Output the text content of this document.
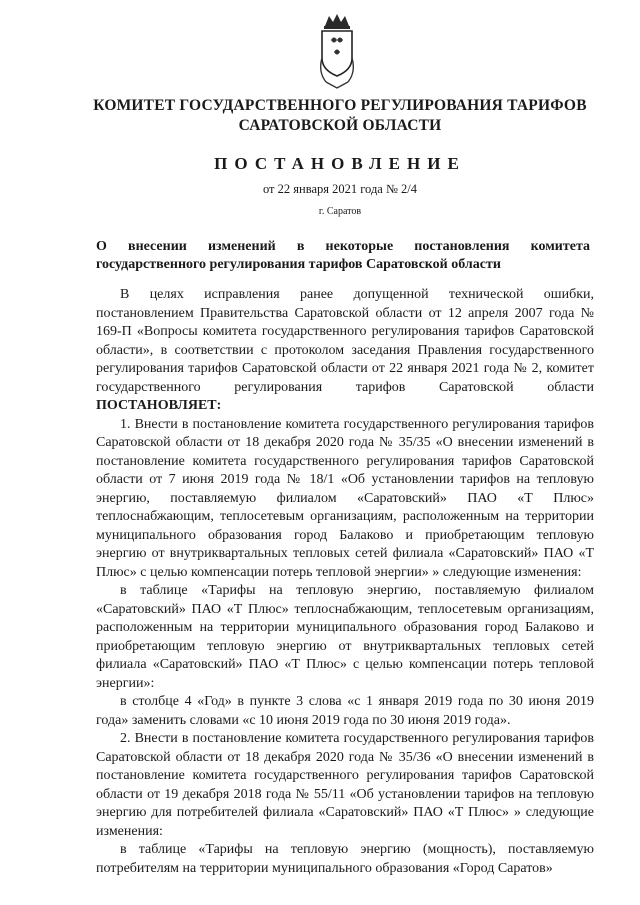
КОМИТЕТ ГОСУДАРСТВЕННОГО РЕГУЛИРОВАНИЯ ТАРИФОВ
САРАТОВСКОЙ ОБЛАСТИ
ПОСТАНОВЛЕНИЕ
от 22 января 2021 года № 2/4
г. Саратов
О внесении изменений в некоторые постановления комитета государственного регулирования тарифов Саратовской области

В целях исправления ранее допущенной технической ошибки, постановлением Правительства Саратовской области от 12 апреля 2007 года № 169-П «Вопросы комитета государственного регулирования тарифов Саратовской области», в соответствии с протоколом заседания Правления государственного регулирования тарифов Саратовской области от 22 января 2021 года № 2, комитет государственного регулирования тарифов Саратовской области ПОСТАНОВЛЯЕТ:

1. Внести в постановление комитета государственного регулирования тарифов Саратовской области от 18 декабря 2020 года № 35/35 «О внесении изменений в постановление комитета государственного регулирования тарифов Саратовской области от 7 июня 2019 года № 18/1 «Об установлении тарифов на тепловую энергию, поставляемую филиалом «Саратовский» ПАО «Т Плюс» теплоснабжающим, теплосетевым организациям, расположенным на территории муниципального образования город Балаково и приобретающим тепловую энергию от внутриквартальных тепловых сетей филиала «Саратовский» ПАО «Т Плюс» с целью компенсации потерь тепловой энергии» » следующие изменения:

в таблице «Тарифы на тепловую энергию, поставляемую филиалом «Саратовский» ПАО «Т Плюс» теплоснабжающим, теплосетевым организациям, расположенным на территории муниципального образования город Балаково и приобретающим тепловую энергию от внутриквартальных тепловых сетей филиала «Саратовский» ПАО «Т Плюс» с целью компенсации потерь тепловой энергии»:

в столбце 4 «Год» в пункте 3 слова «с 1 января 2019 года по 30 июня 2019 года» заменить словами «с 10 июня 2019 года по 30 июня 2019 года».

2. Внести в постановление комитета государственного регулирования тарифов Саратовской области от 18 декабря 2020 года № 35/36 «О внесении изменений в постановление комитета государственного регулирования тарифов Саратовской области от 19 декабря 2018 года № 55/11 «Об установлении тарифов на тепловую энергию для потребителей филиала «Саратовский» ПАО «Т Плюс» » следующие изменения:

в таблице «Тарифы на тепловую энергию (мощность), поставляемую потребителям на территории муниципального образования «Город Саратов»
